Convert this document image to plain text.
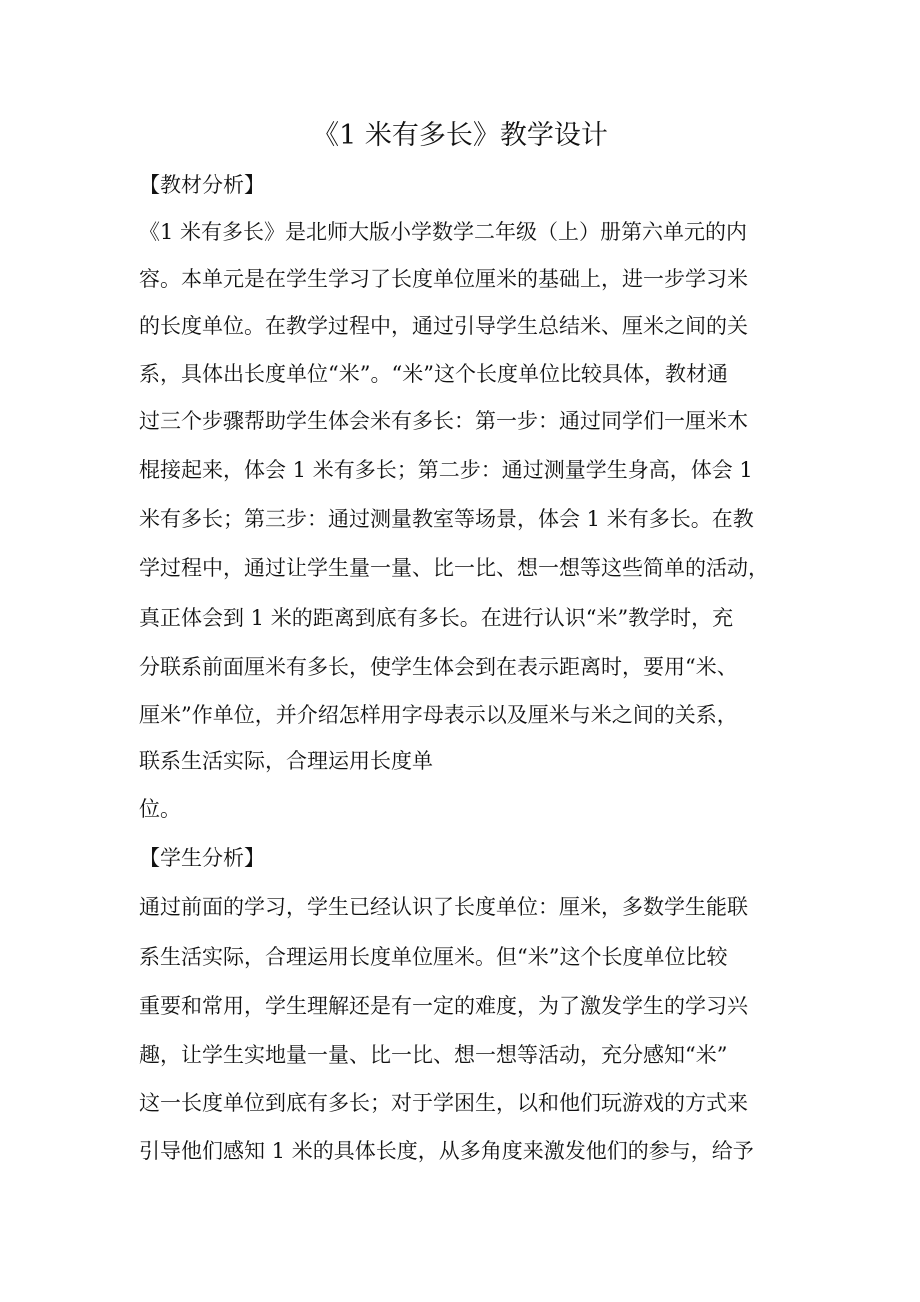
《1 米有多长》教学设计
【教材分析】
《1 米有多长》是北师大版小学数学二年级（上）册第六单元的内
容。本单元是在学生学习了长度单位厘米的基础上，进一步学习米
的长度单位。在教学过程中，通过引导学生总结米、厘米之间的关
系，具体出长度单位“米”。“米”这个长度单位比较具体，教材通
过三个步骤帮助学生体会米有多长：第一步：通过同学们一厘米木
棍接起来，体会 1 米有多长；第二步：通过测量学生身高，体会 1
米有多长；第三步：通过测量教室等场景，体会 1 米有多长。在教
学过程中，通过让学生量一量、比一比、想一想等这些简单的活动，
真正体会到 1 米的距离到底有多长。在进行认识“米”教学时，充
分联系前面厘米有多长，使学生体会到在表示距离时，要用“米、
厘米”作单位，并介绍怎样用字母表示以及厘米与米之间的关系，
联系生活实际，合理运用长度单
位。
【学生分析】
通过前面的学习，学生已经认识了长度单位：厘米，多数学生能联
系生活实际，合理运用长度单位厘米。但“米”这个长度单位比较
重要和常用，学生理解还是有一定的难度，为了激发学生的学习兴
趣，让学生实地量一量、比一比、想一想等活动，充分感知“米”
这一长度单位到底有多长；对于学困生，以和他们玩游戏的方式来
引导他们感知 1 米的具体长度，从多角度来激发他们的参与，给予
